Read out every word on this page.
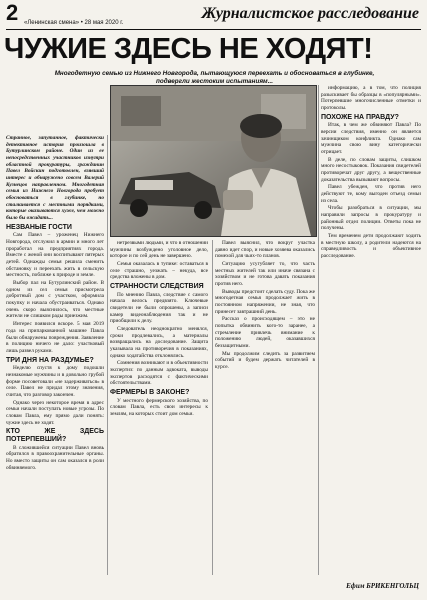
2 «Ленинская смена» • 28 мая 2020 г.
Журналистское расследование
ЧУЖИЕ ЗДЕСЬ НЕ ХОДЯТ!
Многодетную семью из Нижнего Новгорода, пытающуюся переехать и обосноваться в глубинке, подвергли жестоким испытаниям...

Странное, запутанное, фактически детективное история произошла в Бутурлинском районе. Один из ее непосредственных участников изнутри областной прокуратуры, гражданин Павел Войскин подготовлен, взявший интерес и обнаружено совсем Валерий Кузнецов направленном. Многодетная семья из Нижнего Новгорода пробует обосноваться в глубинке, но сталкивается с местными порядками, которые оказываются хуже, чем можно было бы ожидать...

НЕЗВАНЫЕ ГОСТИ

Сам Павел – уроженец Нижнего Новгорода, отслужил в армии и много лет проработал на предприятиях города. Вместе с женой они воспитывают пятерых детей. Однажды семья решила сменить обстановку и переехать жить в сельскую местность, поближе к природе и земле.

Выбор пал на Бутурлинский район. В одном из сел семья присмотрела добротный дом с участком, оформила покупку и начала обустраиваться. Однако очень скоро выяснилось, что местные жители не слишком рады приезжим.

Интерес появился вскоре. 5 мая 2019 года на припаркованной машине Павла были обнаружены повреждения. Заявление в полицию ничего не дало: участковый лишь развел руками.

ТРИ ДНЯ НА РАЗДУМЬЕ?

Неделю спустя к дому подошли незнакомые мужчины и в довольно грубой форме посоветовали «не задерживаться» в селе. Павел не придал этому значения, считая, что разговор закончен.

Однако через некоторое время в адрес семьи начали поступать новые угрозы. По словам Павла, ему прямо дали понять: чужие здесь не ходят.

КТО ЖЕ ЗДЕСЬ ПОТЕРПЕВШИЙ?

В сложившейся ситуации Павел вновь обратился в правоохранительные органы. Но вместо защиты он сам оказался в роли обвиняемого.

нетрезвыми людьми, и что в отношении мужчины возбуждено уголовное дело, которое и по сей день не завершено.

Семья оказалась в тупике: оставаться в селе страшно, уезжать – некуда, все средства вложены в дом.

СТРАННОСТИ СЛЕДСТВИЯ

По мнению Павла, следствие с самого начала велось предвзято. Ключевые свидетели не были опрошены, а записи камер видеонаблюдения так и не приобщили к делу.

Следователь неоднократно менялся, сроки продлевались, а материалы возвращались на доследование. Защита указывала на противоречия в показаниях, однако ходатайства отклонялись.

Сомнения возникают и в объективности экспертиз: по данным адвоката, выводы экспертов расходятся с фактическими обстоятельствами.

ФЕРМЕРЫ В ЗАКОНЕ?

У местного фермерского хозяйства, по словам Павла, есть свои интересы к землям, на которых стоит дом семьи.

Павел выяснил, что вокруг участка давно идет спор, и новые хозяева оказались помехой для чьих-то планов.

Ситуацию усугубляет то, что часть местных жителей так или иначе связана с хозяйством и не готова давать показания против него.

Выводы предстоит сделать суду. Пока же многодетная семья продолжает жить в постоянном напряжении, не зная, что принесет завтрашний день.

Рассказ о происходящем – это не попытка обвинить кого-то заранее, а стремление привлечь внимание к положению людей, оказавшихся беззащитными.

Мы продолжим следить за развитием событий и будем держать читателей в курсе.

информацию, а в том, что полиция разыскивает бы образцы в «популярными». Потерпевшие многочисленные отметки и протоколы.

ПОХОЖЕ НА ПРАВДУ?

Итак, в чем же обвиняют Павла? По версии следствия, именно он является зачинщиком конфликта. Однако сам мужчина свою вину категорически отрицает.

В деле, по словам защиты, слишком много несостыковок. Показания свидетелей противоречат друг другу, а вещественные доказательства вызывают вопросы.

Павел убежден, что против него действуют те, кому выгоден отъезд семьи из села.

Чтобы разобраться в ситуации, мы направили запросы в прокуратуру и районный отдел полиции. Ответы пока не получены.

Тем временем дети продолжают ходить в местную школу, а родители надеются на справедливость и объективное расследование.

Ефим БРИКЕНГОЛЬЦ
